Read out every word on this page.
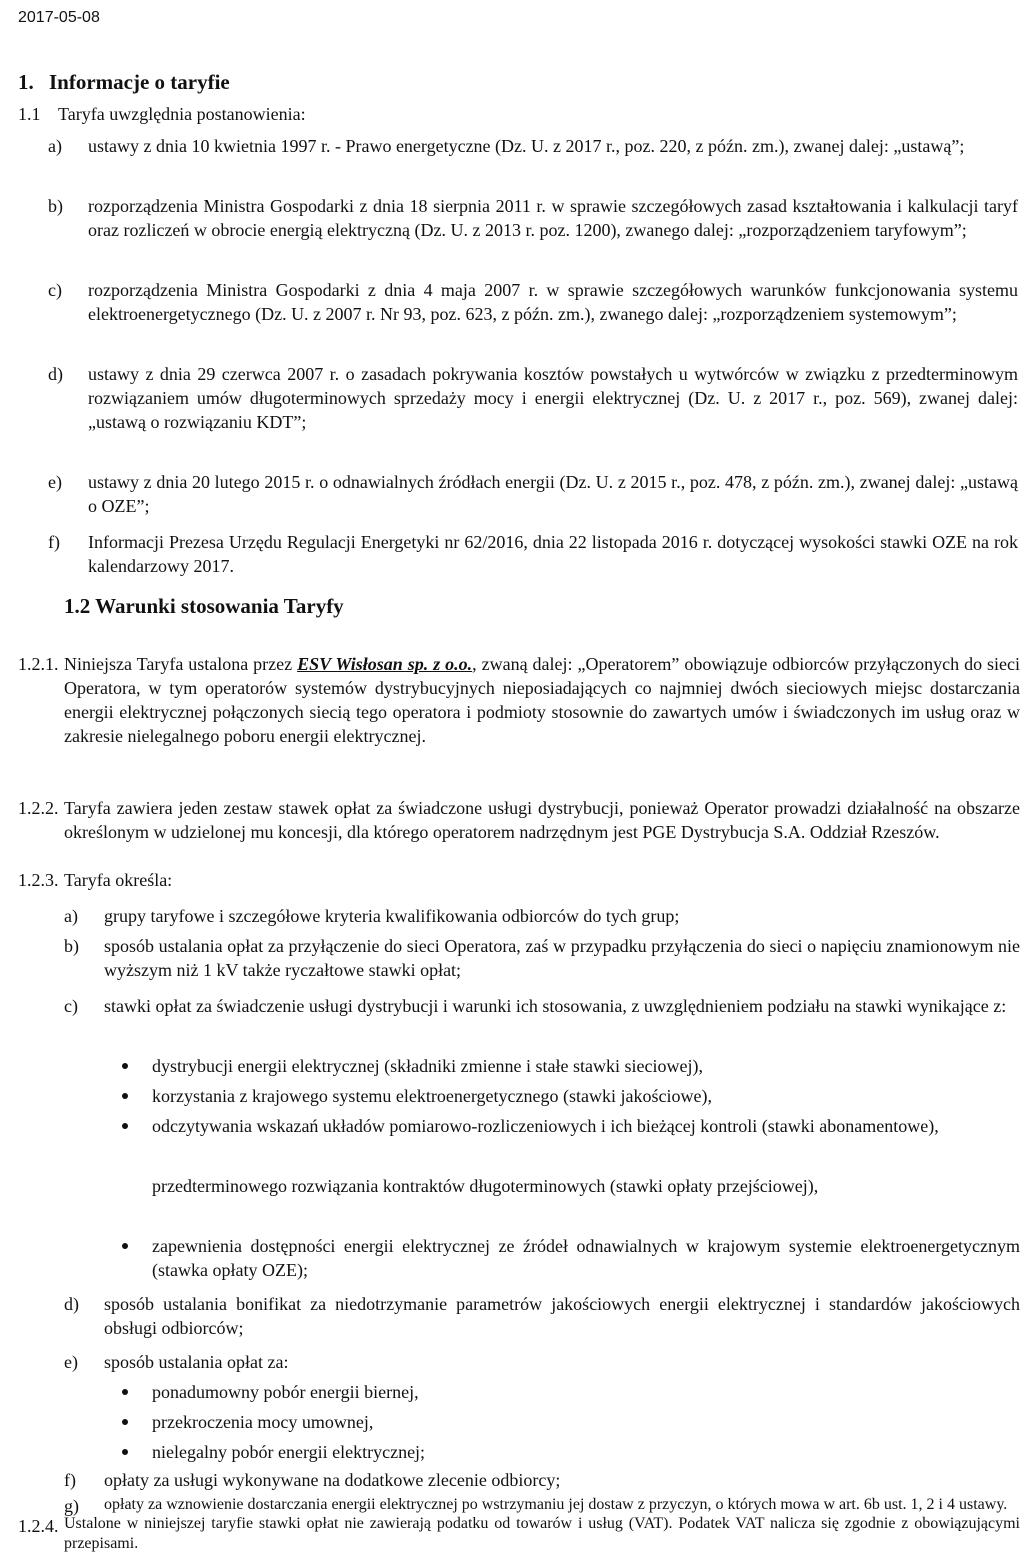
2017-05-08
1. Informacje o taryfie
1.1 Taryfa uwzględnia postanowienia:
a) ustawy z dnia 10 kwietnia 1997 r. - Prawo energetyczne (Dz. U. z 2017 r., poz. 220, z późn. zm.), zwanej dalej: „ustawą”;

b) rozporządzenia Ministra Gospodarki z dnia 18 sierpnia 2011 r. w sprawie szczegółowych zasad kształtowania i kalkulacji taryf oraz rozliczeń w obrocie energią elektryczną (Dz. U. z 2013 r. poz. 1200), zwanego dalej: „rozporządzeniem taryfowym”;

c) rozporządzenia Ministra Gospodarki z dnia 4 maja 2007 r. w sprawie szczegółowych warunków funkcjonowania systemu elektroenergetycznego (Dz. U. z 2007 r. Nr 93, poz. 623, z późn. zm.), zwanego dalej: „rozporządzeniem systemowym”;

d) ustawy z dnia 29 czerwca 2007 r. o zasadach pokrywania kosztów powstałych u wytwórców w związku z przedterminowym rozwiązaniem umów długoterminowych sprzedaży mocy i energii elektrycznej (Dz. U. z 2017 r., poz. 569), zwanej dalej: „ustawą o rozwiązaniu KDT”;

e) ustawy z dnia 20 lutego 2015 r. o odnawialnych źródłach energii (Dz. U. z 2015 r., poz. 478, z późn. zm.), zwanej dalej: „ustawą o OZE”;

f) Informacji Prezesa Urzędu Regulacji Energetyki nr 62/2016, dnia 22 listopada 2016 r. dotyczącej wysokości stawki OZE na rok kalendarzowy 2017.

1.2 Warunki stosowania Taryfy
1.2.1. Niniejsza Taryfa ustalona przez ESV Wisłosan sp. z o.o., zwaną dalej: „Operatorem” obowiązuje odbiorców przyłączonych do sieci Operatora, w tym operatorów systemów dystrybucyjnych nieposiadających co najmniej dwóch sieciowych miejsc dostarczania energii elektrycznej połączonych siecią tego operatora i podmioty stosownie do zawartych umów i świadczonych im usług oraz w zakresie nielegalnego poboru energii elektrycznej.

1.2.2. Taryfa zawiera jeden zestaw stawek opłat za świadczone usługi dystrybucji, ponieważ Operator prowadzi działalność na obszarze określonym w udzielonej mu koncesji, dla którego operatorem nadrzędnym jest PGE Dystrybucja S.A. Oddział Rzeszów.

1.2.3. Taryfa określa:

a) grupy taryfowe i szczegółowe kryteria kwalifikowania odbiorców do tych grup;

b) sposób ustalania opłat za przyłączenie do sieci Operatora, zaś w przypadku przyłączenia do sieci o napięciu znamionowym nie wyższym niż 1 kV także ryczałtowe stawki opłat;

c) stawki opłat za świadczenie usługi dystrybucji i warunki ich stosowania, z uwzględnieniem podziału na stawki wynikające z:

dystrybucji energii elektrycznej (składniki zmienne i stałe stawki sieciowej),

korzystania z krajowego systemu elektroenergetycznego (stawki jakościowe),

odczytywania wskazań układów pomiarowo-rozliczeniowych i ich bieżącej kontroli (stawki abonamentowe),

przedterminowego rozwiązania kontraktów długoterminowych (stawki opłaty przejściowej),

zapewnienia dostępności energii elektrycznej ze źródeł odnawialnych w krajowym systemie elektroenergetycznym (stawka opłaty OZE);

d) sposób ustalania bonifikat za niedotrzymanie parametrów jakościowych energii elektrycznej i standardów jakościowych obsługi odbiorców;

e) sposób ustalania opłat za:

ponadumowny pobór energii biernej,

przekroczenia mocy umownej,

nielegalny pobór energii elektrycznej;

f) opłaty za usługi wykonywane na dodatkowe zlecenie odbiorcy;

g) opłaty za wznowienie dostarczania energii elektrycznej po wstrzymaniu jej dostaw z przyczyn, o których mowa w art. 6b ust. 1, 2 i 4 ustawy.

1.2.4. Ustalone w niniejszej taryfie stawki opłat nie zawierają podatku od towarów i usług (VAT). Podatek VAT nalicza się zgodnie z obowiązującymi przepisami.
